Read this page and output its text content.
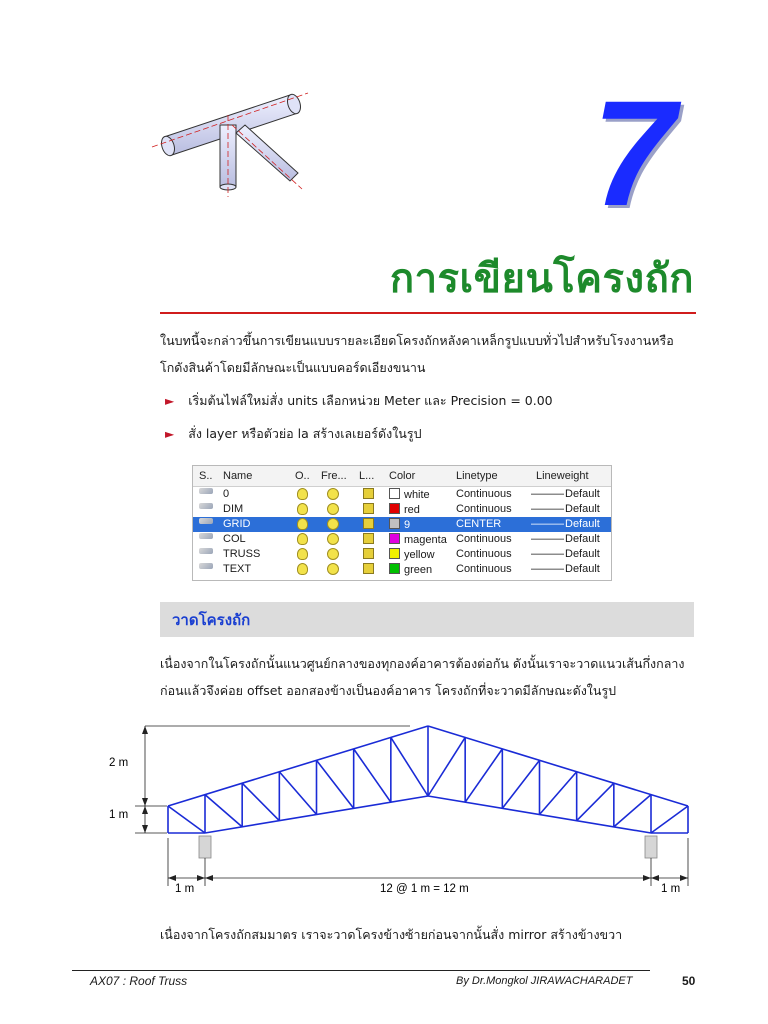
7
การเขียนโครงถัก
ในบทนี้จะกล่าวขึ้นการเขียนแบบรายละเอียดโครงถักหลังคาเหล็กรูปแบบทั่วไปสำหรับโรงงานหรือ
โกดังสินค้าโดยมีลักษณะเป็นแบบคอร์ดเอียงขนาน
► เริ่มต้นไฟล์ใหม่สั่ง units เลือกหน่วย Meter และ Precision = 0.00
► สั่ง layer หรือตัวย่อ la สร้างเลเยอร์ดังในรูป
S.. Name	O.. Fre... L... Color	Linetype	Lineweight
0	white Continuous ——— Default
DIM	red	Continuous ——— Default
GRID	9	CENTER	——— Default
COL	magenta Continuous ——— Default
TRUSS	yellow Continuous ——— Default
TEXT	green Continuous ——— Default
วาดโครงถัก
เนื่องจากในโครงถักนั้นแนวศูนย์กลางของทุกองค์อาคารต้องต่อกัน ดังนั้นเราจะวาดแนวเส้นกึ่งกลาง
ก่อนแล้วจึงค่อย offset ออกสองข้างเป็นองค์อาคาร โครงถักที่จะวาดมีลักษณะดังในรูป
2 m
1 m
1 m	12 @ 1 m = 12 m	1 m
เนื่องจากโครงถักสมมาตร เราจะวาดโครงข้างซ้ายก่อนจากนั้นสั่ง mirror สร้างข้างขวา
AX07 : Roof Truss	By Dr.Mongkol JIRAWACHARADET	50
